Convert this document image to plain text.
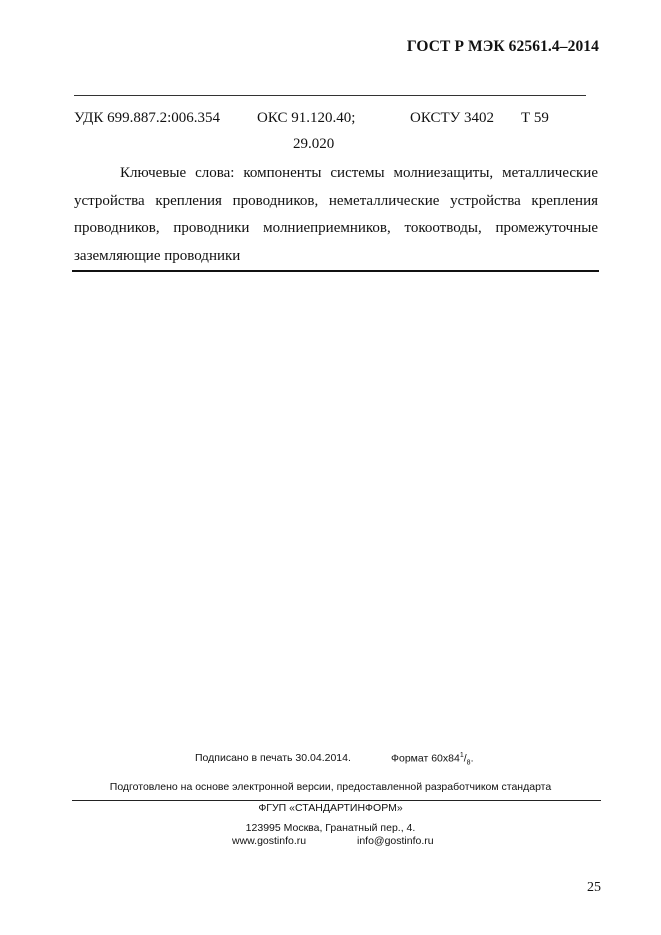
ГОСТ Р МЭК 62561.4–2014
УДК 699.887.2:006.354 ОКС 91.120.40;	ОКСТУ 3402 Т 59
29.020
Ключевые слова: компоненты системы молниезащиты, металлические устройства крепления проводников, неметаллические устройства крепления проводников, проводники молниеприемников, токоотводы, промежуточные заземляющие проводники
Подписано в печать 30.04.2014.	Формат $60х84^1/_8$.
Подготовлено на основе электронной версии, предоставленной разработчиком стандарта
ФГУП «СТАНДАРТИНФОРМ»
123995 Москва, Гранатный пер., 4.
www.gostinfo.ru	info@gostinfo.ru
25
